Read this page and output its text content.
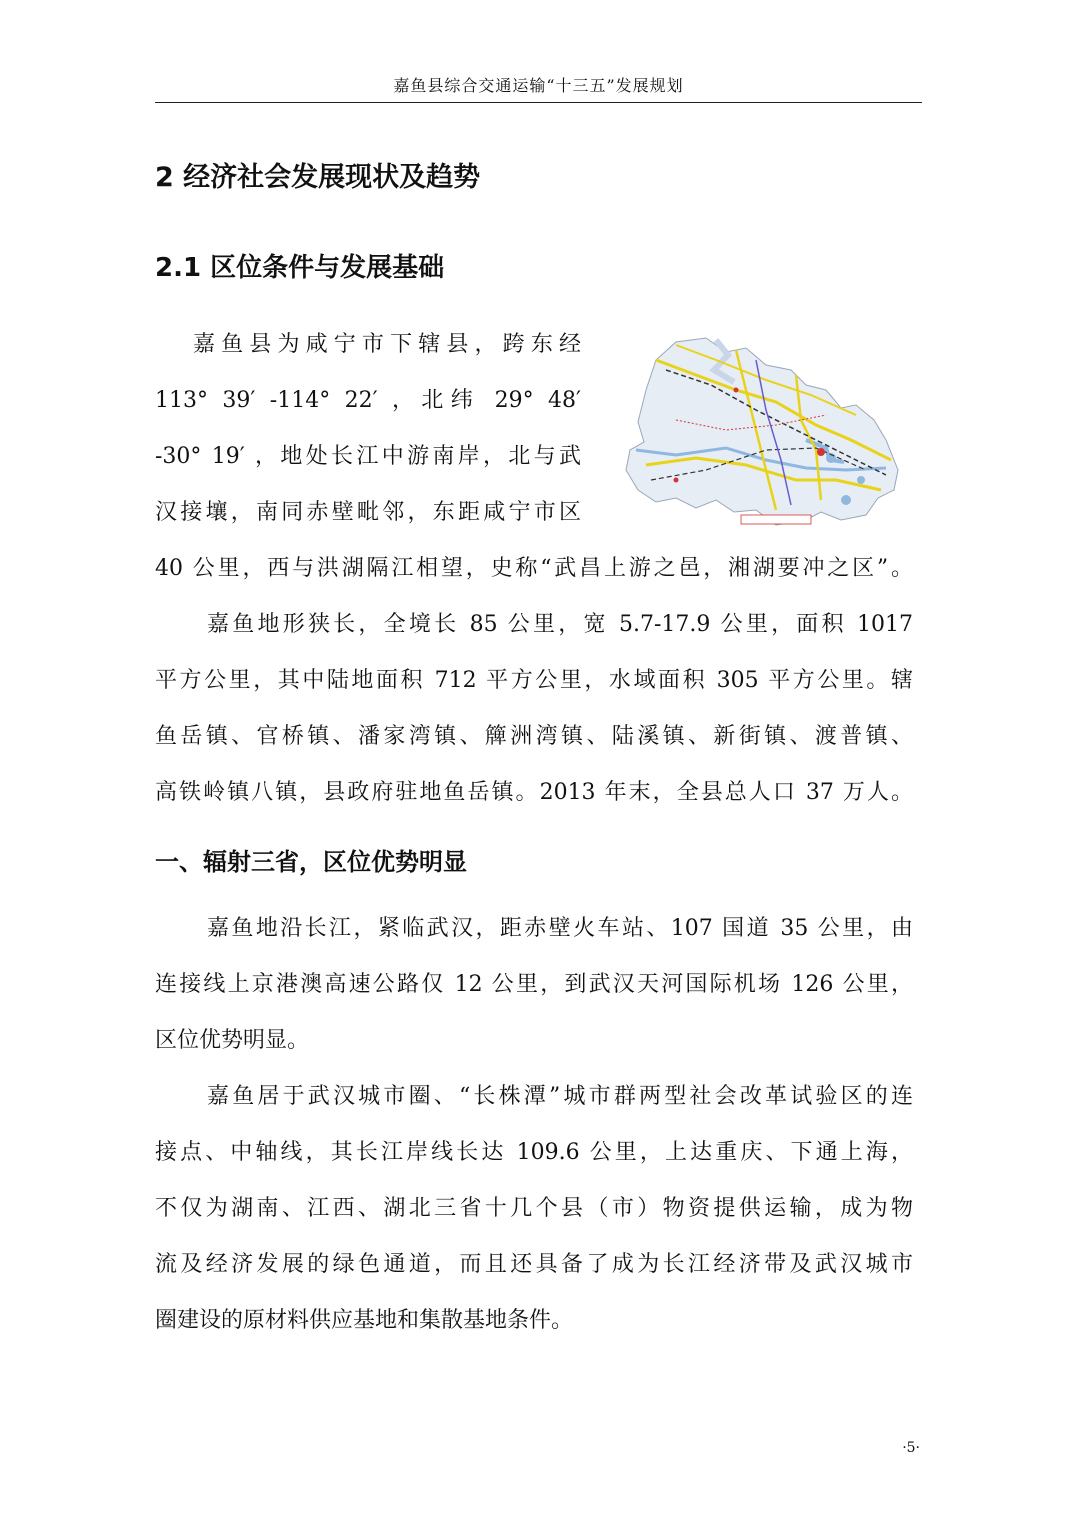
嘉鱼县综合交通运输“十三五”发展规划
2 经济社会发展现状及趋势
2.1 区位条件与发展基础
嘉鱼县为咸宁市下辖县，跨东经
113° 39′ -114° 22′ ，北纬 29° 48′
-30° 19′ ，地处长江中游南岸，北与武
汉接壤，南同赤壁毗邻，东距咸宁市区
40 公里，西与洪湖隔江相望，史称“武昌上游之邑，湘湖要冲之区”。
嘉鱼地形狭长，全境长 85 公里，宽 5.7-17.9 公里，面积 1017
平方公里，其中陆地面积 712 平方公里，水域面积 305 平方公里。辖
鱼岳镇、官桥镇、潘家湾镇、簰洲湾镇、陆溪镇、新街镇、渡普镇、
高铁岭镇八镇，县政府驻地鱼岳镇。2013 年末，全县总人口 37 万人。
一、辐射三省，区位优势明显
嘉鱼地沿长江，紧临武汉，距赤壁火车站、107 国道 35 公里，由
连接线上京港澳高速公路仅 12 公里，到武汉天河国际机场 126 公里，
区位优势明显。
嘉鱼居于武汉城市圈、“长株潭”城市群两型社会改革试验区的连
接点、中轴线，其长江岸线长达 109.6 公里，上达重庆、下通上海，
不仅为湖南、江西、湖北三省十几个县（市）物资提供运输，成为物
流及经济发展的绿色通道，而且还具备了成为长江经济带及武汉城市
圈建设的原材料供应基地和集散基地条件。
·5·
